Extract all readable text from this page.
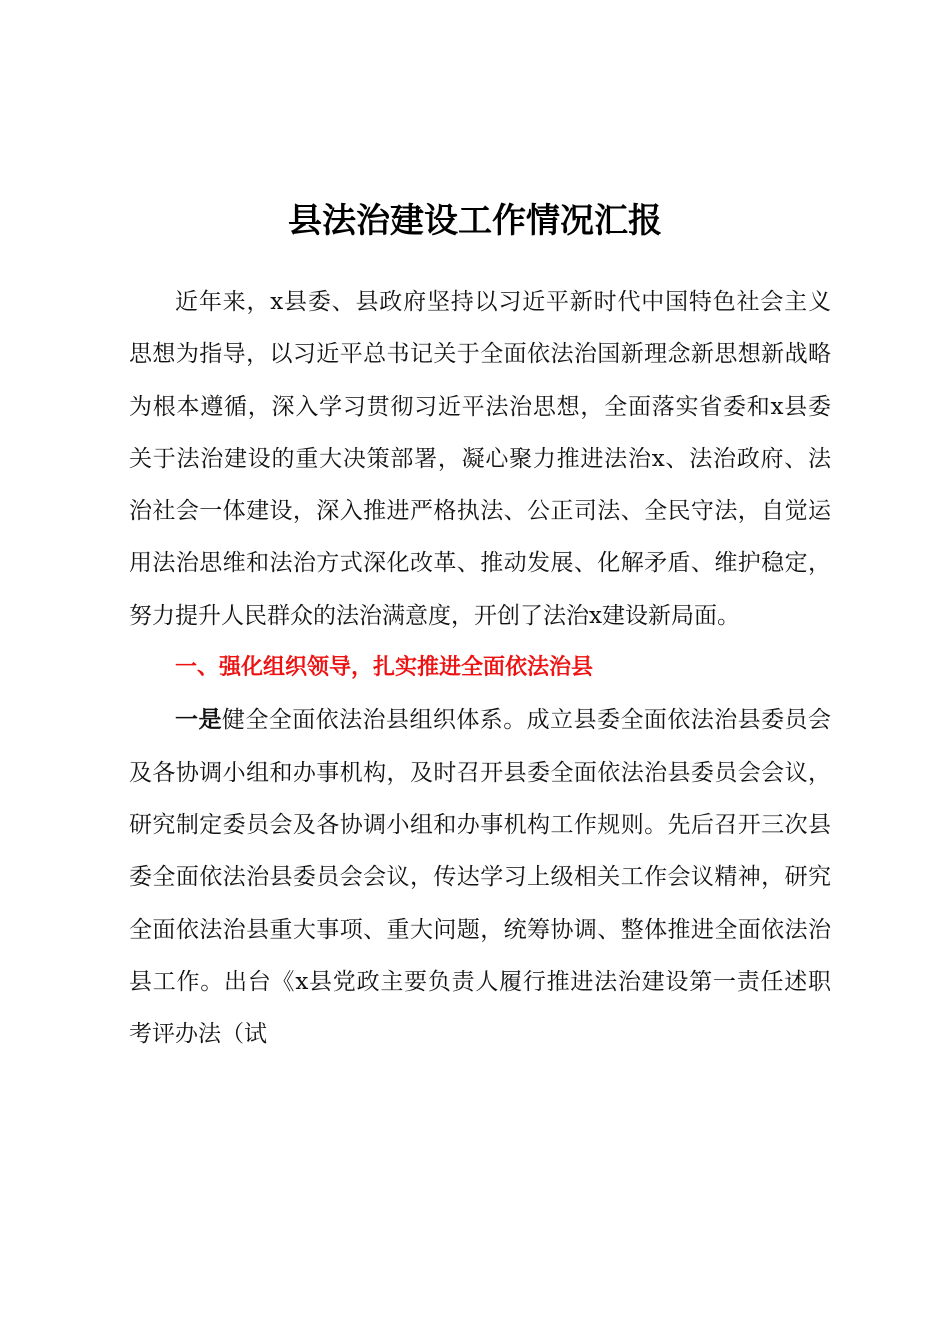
县法治建设工作情况汇报

近年来，x县委、县政府坚持以习近平新时代中国特色社会主义思想为指导，以习近平总书记关于全面依法治国新理念新思想新战略为根本遵循，深入学习贯彻习近平法治思想，全面落实省委和x县委关于法治建设的重大决策部署，凝心聚力推进法治x、法治政府、法治社会一体建设，深入推进严格执法、公正司法、全民守法，自觉运用法治思维和法治方式深化改革、推动发展、化解矛盾、维护稳定，努力提升人民群众的法治满意度，开创了法治x建设新局面。

一、强化组织领导，扎实推进全面依法治县

一是健全全面依法治县组织体系。成立县委全面依法治县委员会及各协调小组和办事机构，及时召开县委全面依法治县委员会会议，研究制定委员会及各协调小组和办事机构工作规则。先后召开三次县委全面依法治县委员会会议，传达学习上级相关工作会议精神，研究全面依法治县重大事项、重大问题，统筹协调、整体推进全面依法治县工作。出台《x县党政主要负责人履行推进法治建设第一责任述职考评办法（试
